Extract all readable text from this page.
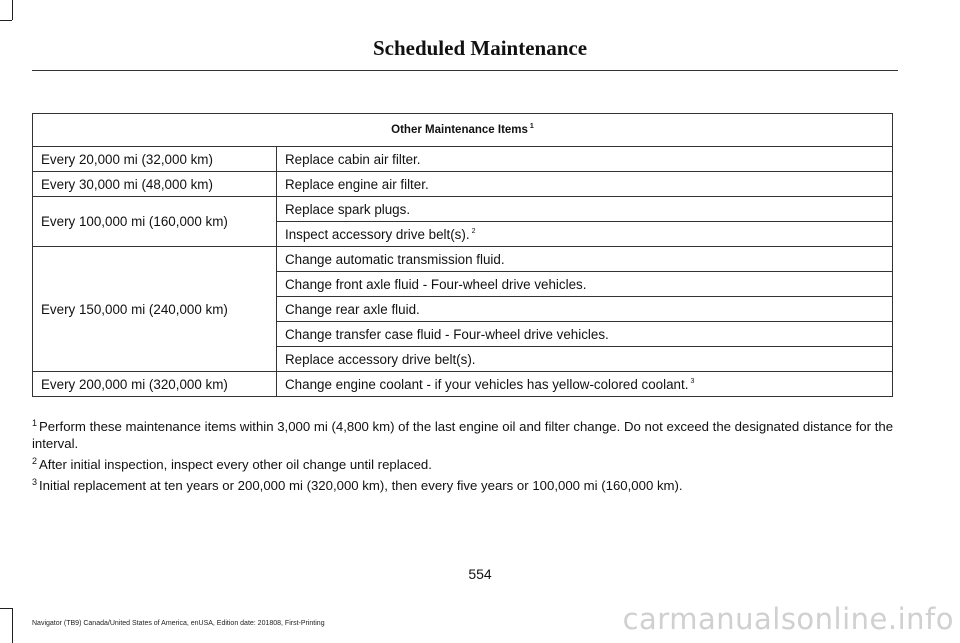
Scheduled Maintenance
Other Maintenance Items $^1$
Every 20,000 mi (32,000 km)	Replace cabin air filter.
Every 30,000 mi (48,000 km)	Replace engine air filter.
Every 100,000 mi (160,000 km)	Replace spark plugs.
	Inspect accessory drive belt(s). $^2$
Every 150,000 mi (240,000 km)	Change automatic transmission fluid.
	Change front axle fluid - Four-wheel drive vehicles.
	Change rear axle fluid.
	Change transfer case fluid - Four-wheel drive vehicles.
	Replace accessory drive belt(s).
Every 200,000 mi (320,000 km)	Change engine coolant - if your vehicles has yellow-colored coolant. $^3$

$^1$ Perform these maintenance items within 3,000 mi (4,800 km) of the last engine oil and filter change. Do not exceed the designated distance for the interval.

$^2$ After initial inspection, inspect every other oil change until replaced.

$^3$ Initial replacement at ten years or 200,000 mi (320,000 km), then every five years or 100,000 mi (160,000 km).

554
Navigator (TB9) Canada/United States of America, enUSA, Edition date: 201808, First-Printing	carmanualsonline.info
